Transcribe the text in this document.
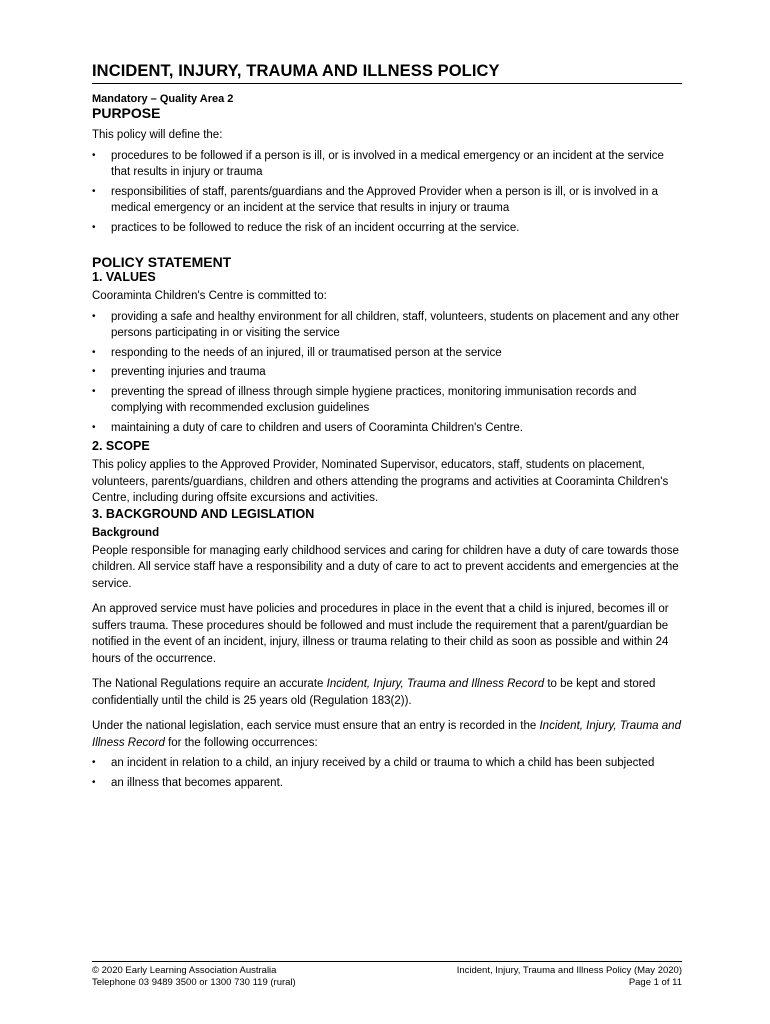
INCIDENT, INJURY, TRAUMA AND ILLNESS POLICY
Mandatory – Quality Area 2
PURPOSE

This policy will define the:

• procedures to be followed if a person is ill, or is involved in a medical emergency or an incident at the service that results in injury or trauma
• responsibilities of staff, parents/guardians and the Approved Provider when a person is ill, or is involved in a medical emergency or an incident at the service that results in injury or trauma
• practices to be followed to reduce the risk of an incident occurring at the service.
POLICY STATEMENT
1. VALUES

Cooraminta Children's Centre is committed to:

• providing a safe and healthy environment for all children, staff, volunteers, students on placement and any other persons participating in or visiting the service
• responding to the needs of an injured, ill or traumatised person at the service
• preventing injuries and trauma
• preventing the spread of illness through simple hygiene practices, monitoring immunisation records and complying with recommended exclusion guidelines
• maintaining a duty of care to children and users of Cooraminta Children's Centre.
2. SCOPE

This policy applies to the Approved Provider, Nominated Supervisor, educators, staff, students on placement, volunteers, parents/guardians, children and others attending the programs and activities at Cooraminta Children's Centre, including during offsite excursions and activities.

3. BACKGROUND AND LEGISLATION
Background

People responsible for managing early childhood services and caring for children have a duty of care towards those children. All service staff have a responsibility and a duty of care to act to prevent accidents and emergencies at the service.

An approved service must have policies and procedures in place in the event that a child is injured, becomes ill or suffers trauma. These procedures should be followed and must include the requirement that a parent/guardian be notified in the event of an incident, injury, illness or trauma relating to their child as soon as possible and within 24 hours of the occurrence.

The National Regulations require an accurate Incident, Injury, Trauma and Illness Record to be kept and stored confidentially until the child is 25 years old (Regulation 183(2)).

Under the national legislation, each service must ensure that an entry is recorded in the Incident, Injury, Trauma and Illness Record for the following occurrences:

• an incident in relation to a child, an injury received by a child or trauma to which a child has been subjected
• an illness that becomes apparent.
© 2020 Early Learning Association Australia
Telephone 03 9489 3500 or 1300 730 119 (rural)
Incident, Injury, Trauma and Illness Policy (May 2020)
Page 1 of 11
